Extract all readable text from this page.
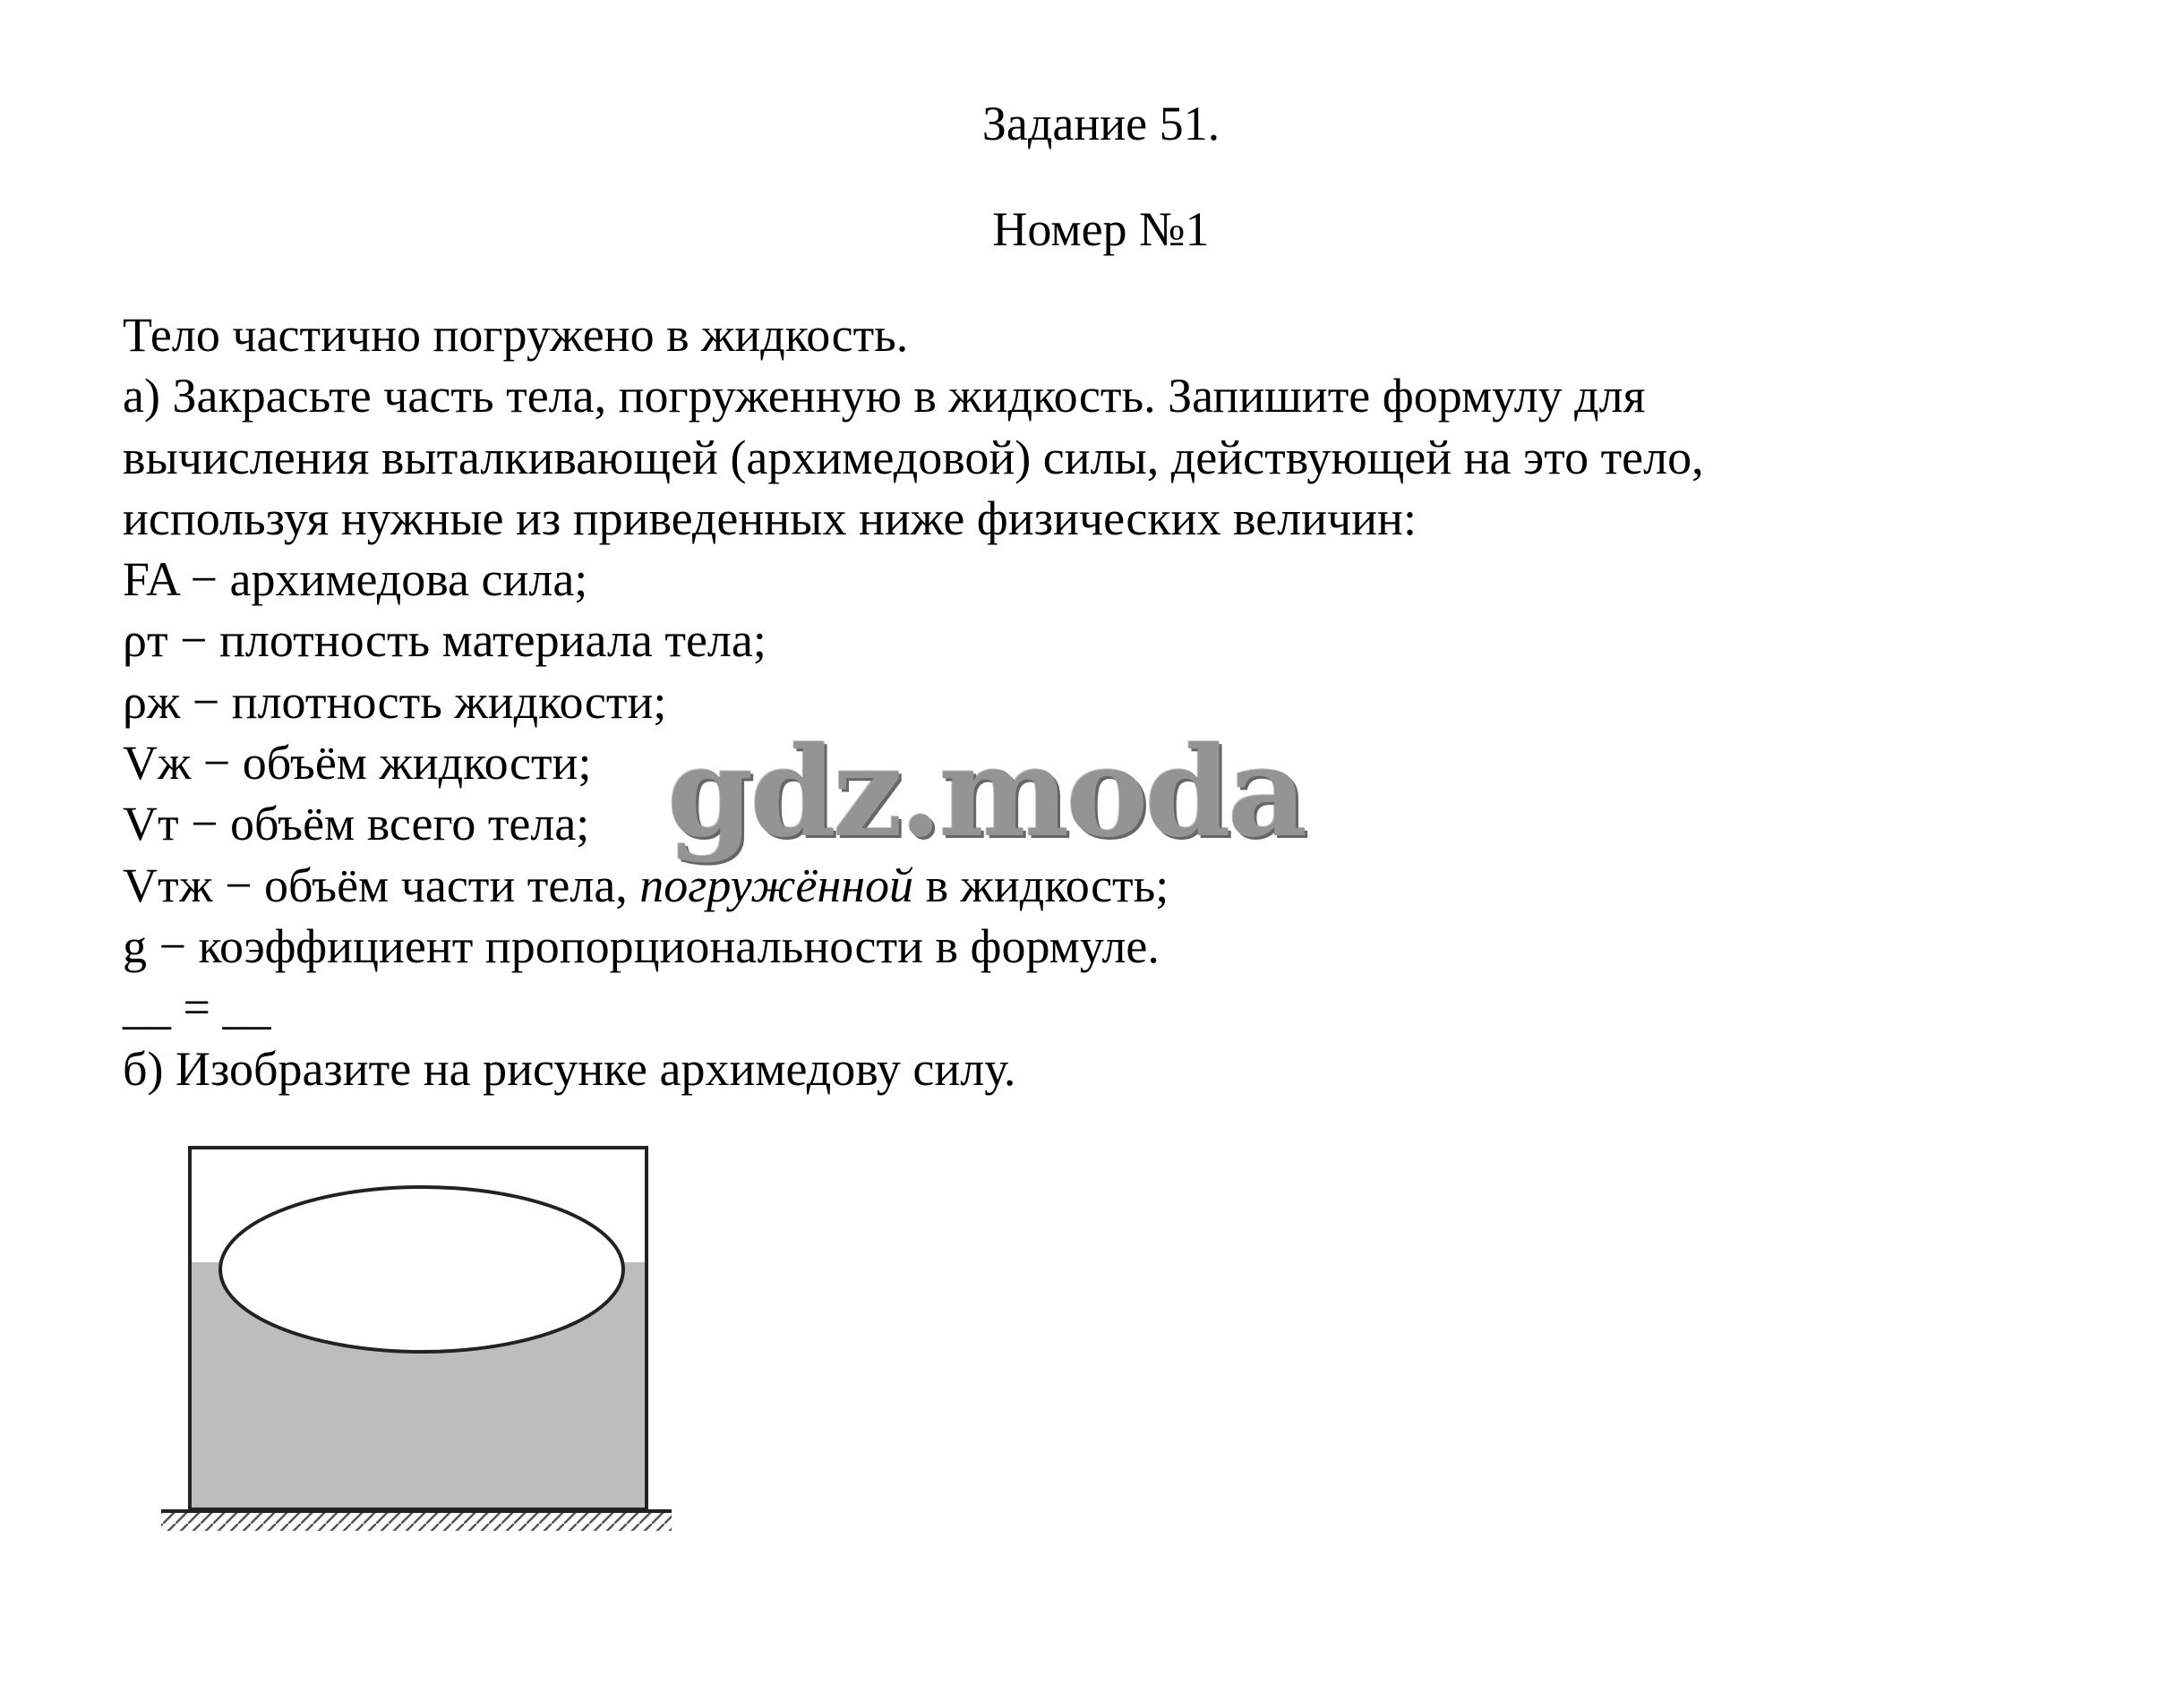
Задание 51.
Номер №1
Тело частично погружено в жидкость.
а) Закрасьте часть тела, погруженную в жидкость. Запишите формулу для
вычисления выталкивающей (архимедовой) силы, действующей на это тело,
используя нужные из приведенных ниже физических величин:
FA − архимедова сила;
ρт − плотность материала тела;
ρж − плотность жидкости;
Vж − объём жидкости;
Vт − объём всего тела;
Vтж − объём части тела, погружённой в жидкость;
g − коэффициент пропорциональности в формуле.
__ = __
б) Изобразите на рисунке архимедову силу.
gdz.moda
